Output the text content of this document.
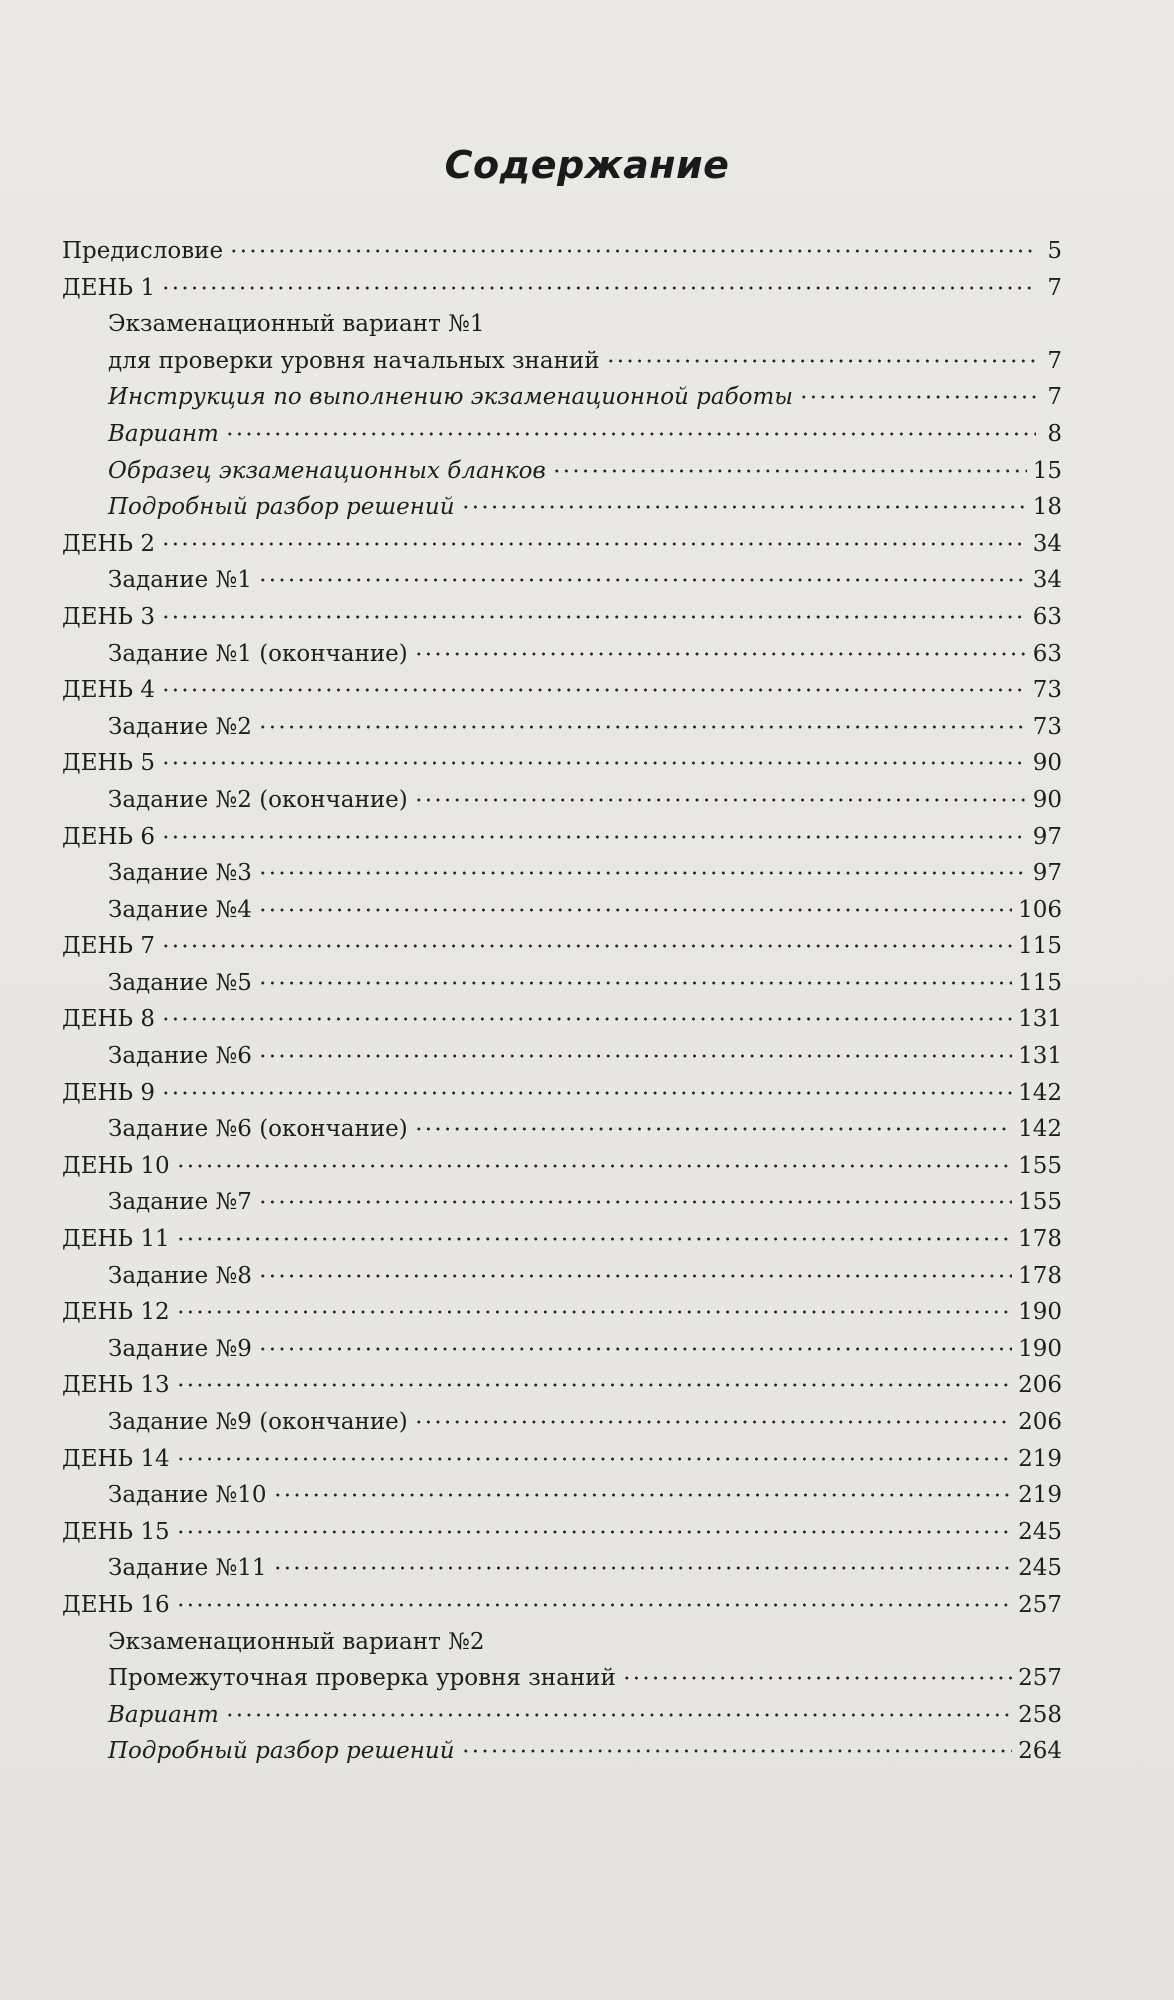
Содержание
Предисловие	5
ДЕНЬ 1	7
Экзаменационный вариант №1
для проверки уровня начальных знаний	7
Инструкция по выполнению экзаменационной работы	7
Вариант	8
Образец экзаменационных бланков	15
Подробный разбор решений	18
ДЕНЬ 2	34
Задание №1	34
ДЕНЬ 3	63
Задание №1 (окончание)	63
ДЕНЬ 4	73
Задание №2	73
ДЕНЬ 5	90
Задание №2 (окончание)	90
ДЕНЬ 6	97
Задание №3	97
Задание №4	106
ДЕНЬ 7	115
Задание №5	115
ДЕНЬ 8	131
Задание №6	131
ДЕНЬ 9	142
Задание №6 (окончание)	142
ДЕНЬ 10	155
Задание №7	155
ДЕНЬ 11	178
Задание №8	178
ДЕНЬ 12	190
Задание №9	190
ДЕНЬ 13	206
Задание №9 (окончание)	206
ДЕНЬ 14	219
Задание №10	219
ДЕНЬ 15	245
Задание №11	245
ДЕНЬ 16	257
Экзаменационный вариант №2
Промежуточная проверка уровня знаний	257
Вариант	258
Подробный разбор решений	264
